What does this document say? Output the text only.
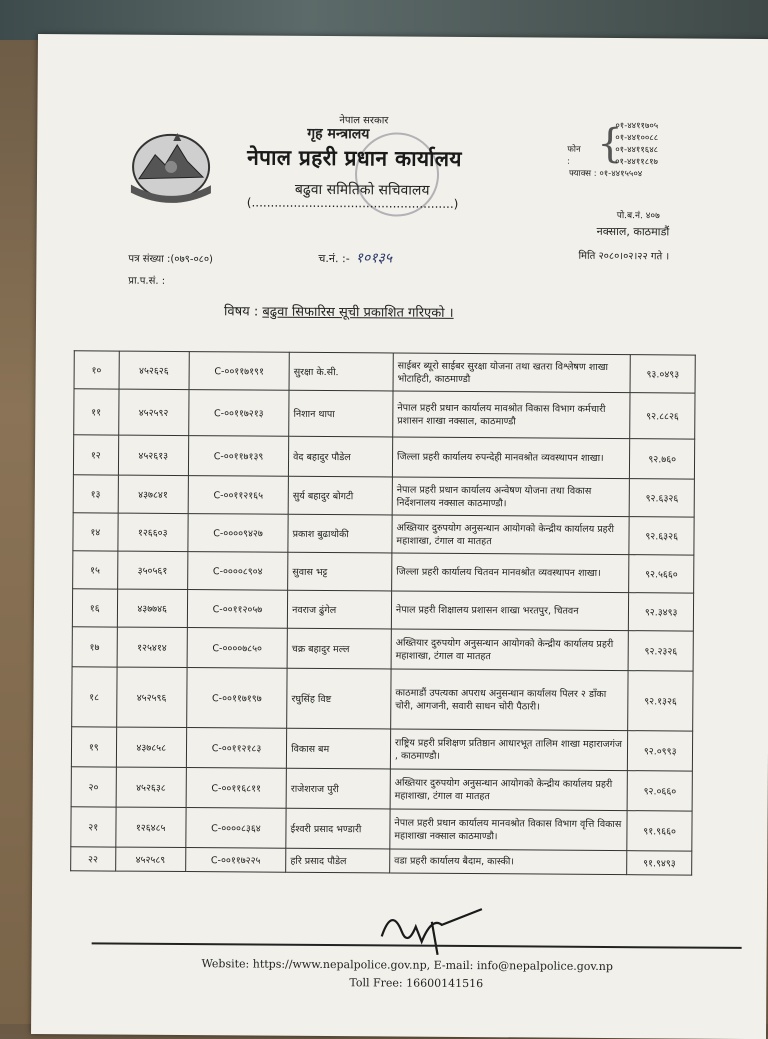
नेपाल सरकार
गृह मन्त्रालय
नेपाल प्रहरी प्रधान कार्यालय
बढुवा समितिको सचिवालय
(.....................................................)
फोन : {
०१-४४११७०५
०१-४४१००८८
०१-४४११६४८
०१-४४११८१७
फ्याक्स : ०१-४४१५५०४
पो.ब.नं. ४०७
नक्साल, काठमाडौं
मिति २०८०।०२।२२ गते ।
पत्र संख्या :(०७९-०८०)	च.नं. :- १०१३५
प्रा.प.सं. :
विषय : बढुवा सिफारिस सूची प्रकाशित गरिएको ।
१०	४५२६२६	C-००११७१९१	सुरक्षा के.सी.	साईबर ब्यूरो साईबर सुरक्षा योजना तथा खतरा विश्लेषण शाखा भोटाहिटी, काठमाण्डौ	९३.०४९३
११	४५२५९२	C-००११७२१३	निशान थापा	नेपाल प्रहरी प्रधान कार्यालय मावश्रोत विकास विभाग कर्मचारी प्रशासन शाखा नक्साल, काठमाण्डौ	९२.८८२६
१२	४५२६१३	C-००११७१३९	वेद बहादुर पौडेल	जिल्ला प्रहरी कार्यालय रुपन्देही मानवश्रोत व्यवस्थापन शाखा।	९२.७६०
१३	४३७८४१	C-००११२१६५	सुर्य बहादुर बोगटी	नेपाल प्रहरी प्रधान कार्यालय अन्वेषण योजना तथा विकास निर्देशनालय नक्साल काठमाण्डौ।	९२.६३२६
१४	१२६६०३	C-००००९४२७	प्रकाश बुढाथोकी	अख्तियार दुरुपयोग अनुसन्धान आयोगको केन्द्रीय कार्यालय प्रहरी महाशाखा, टंगाल वा मातहत	९२.६३२६
१५	३५०५६१	C-००००८९०४	सुवास भट्ट	जिल्ला प्रहरी कार्यालय चितवन मानवश्रोत व्यवस्थापन शाखा।	९२.५६६०
१६	४३७७४६	C-००११२०५७	नवराज ढुंगेल	नेपाल प्रहरी शिक्षालय प्रशासन शाखा भरतपुर, चितवन	९२.३४९३
१७	१२५४१४	C-००००७८५०	चक्र बहादुर मल्ल	अख्तियार दुरुपयोग अनुसन्धान आयोगको केन्द्रीय कार्यालय प्रहरी महाशाखा, टंगाल वा मातहत	९२.२३२६
१८	४५२५९६	C-००११७१९७	रघुसिंह विष्ट	काठमाडौं उपत्यका अपराध अनुसन्धान कार्यालय पिलर २ डाँका चोरी, आगजनी, सवारी साधन चोरी पैठारी।	९२.१३२६
१९	४३७८५८	C-००११२१८३	विकास बम	राष्ट्रिय प्रहरी प्रशिक्षण प्रतिष्ठान आधारभूत तालिम शाखा महाराजगंज , काठमाण्डौ।	९२.०९९३
२०	४५२६३८	C-००११६८११	राजेशराज पुरी	अख्तियार दुरुपयोग अनुसन्धान आयोगको केन्द्रीय कार्यालय प्रहरी महाशाखा, टंगाल वा मातहत	९२.०६६०
२१	१२६४८५	C-००००८३६४	ईश्वरी प्रसाद भण्डारी	नेपाल प्रहरी प्रधान कार्यालय मानवश्रोत विकास विभाग वृत्ति विकास महाशाखा नक्साल काठमाण्डौ।	९१.९६६०
२२	४५२५८९	C-००११७२२५	हरि प्रसाद पौडेल	वडा प्रहरी कार्यालय बैदाम, कास्की।	९१.९४९३
Website: https://www.nepalpolice.gov.np, E-mail: info@nepalpolice.gov.np
Toll Free: 16600141516
